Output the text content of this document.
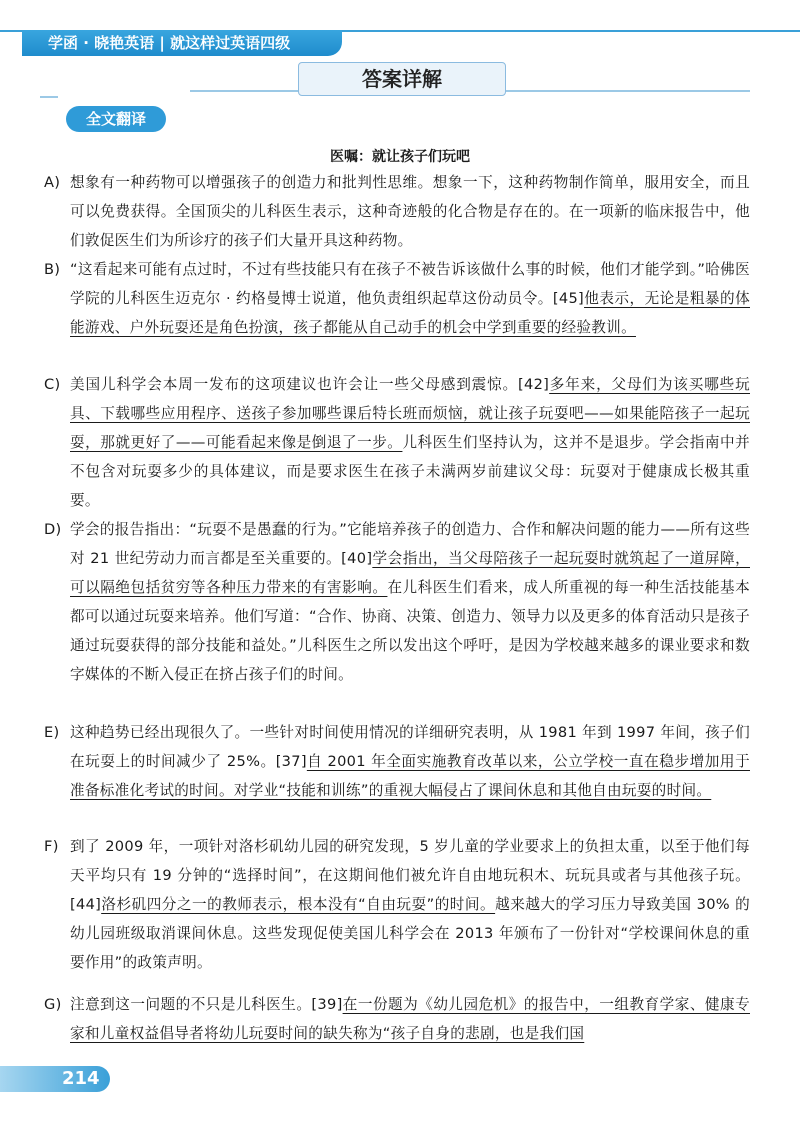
学函 · 晓艳英语 | 就这样过英语四级
答案详解
全文翻译
医嘱：就让孩子们玩吧
A) 想象有一种药物可以增强孩子的创造力和批判性思维。想象一下，这种药物制作简单，服用安全，而且可以免费获得。全国顶尖的儿科医生表示，这种奇迹般的化合物是存在的。在一项新的临床报告中，他们敦促医生们为所诊疗的孩子们大量开具这种药物。
B) “这看起来可能有点过时，不过有些技能只有在孩子不被告诉该做什么事的时候，他们才能学到。”哈佛医学院的儿科医生迈克尔 · 约格曼博士说道，他负责组织起草这份动员令。[45]他表示，无论是粗暴的体能游戏、户外玩耍还是角色扮演，孩子都能从自己动手的机会中学到重要的经验教训。
C) 美国儿科学会本周一发布的这项建议也许会让一些父母感到震惊。[42]多年来，父母们为该买哪些玩具、下载哪些应用程序、送孩子参加哪些课后特长班而烦恼，就让孩子玩耍吧——如果能陪孩子一起玩耍，那就更好了——可能看起来像是倒退了一步。儿科医生们坚持认为，这并不是退步。学会指南中并不包含对玩耍多少的具体建议，而是要求医生在孩子未满两岁前建议父母：玩耍对于健康成长极其重要。
D) 学会的报告指出：“玩耍不是愚蠢的行为。”它能培养孩子的创造力、合作和解决问题的能力——所有这些对 21 世纪劳动力而言都是至关重要的。[40]学会指出，当父母陪孩子一起玩耍时就筑起了一道屏障，可以隔绝包括贫穷等各种压力带来的有害影响。在儿科医生们看来，成人所重视的每一种生活技能基本都可以通过玩耍来培养。他们写道：“合作、协商、决策、创造力、领导力以及更多的体育活动只是孩子通过玩耍获得的部分技能和益处。”儿科医生之所以发出这个呼吁，是因为学校越来越多的课业要求和数字媒体的不断入侵正在挤占孩子们的时间。
E) 这种趋势已经出现很久了。一些针对时间使用情况的详细研究表明，从 1981 年到 1997 年间，孩子们在玩耍上的时间减少了 25%。[37]自 2001 年全面实施教育改革以来，公立学校一直在稳步增加用于准备标准化考试的时间。对学业“技能和训练”的重视大幅侵占了课间休息和其他自由玩耍的时间。
F) 到了 2009 年，一项针对洛杉矶幼儿园的研究发现，5 岁儿童的学业要求上的负担太重，以至于他们每天平均只有 19 分钟的“选择时间”，在这期间他们被允许自由地玩积木、玩玩具或者与其他孩子玩。[44]洛杉矶四分之一的教师表示，根本没有“自由玩耍”的时间。越来越大的学习压力导致美国 30% 的幼儿园班级取消课间休息。这些发现促使美国儿科学会在 2013 年颁布了一份针对“学校课间休息的重要作用”的政策声明。
G) 注意到这一问题的不只是儿科医生。[39]在一份题为《幼儿园危机》的报告中，一组教育学家、健康专家和儿童权益倡导者将幼儿玩耍时间的缺失称为“孩子自身的悲剧，也是我们国
214
